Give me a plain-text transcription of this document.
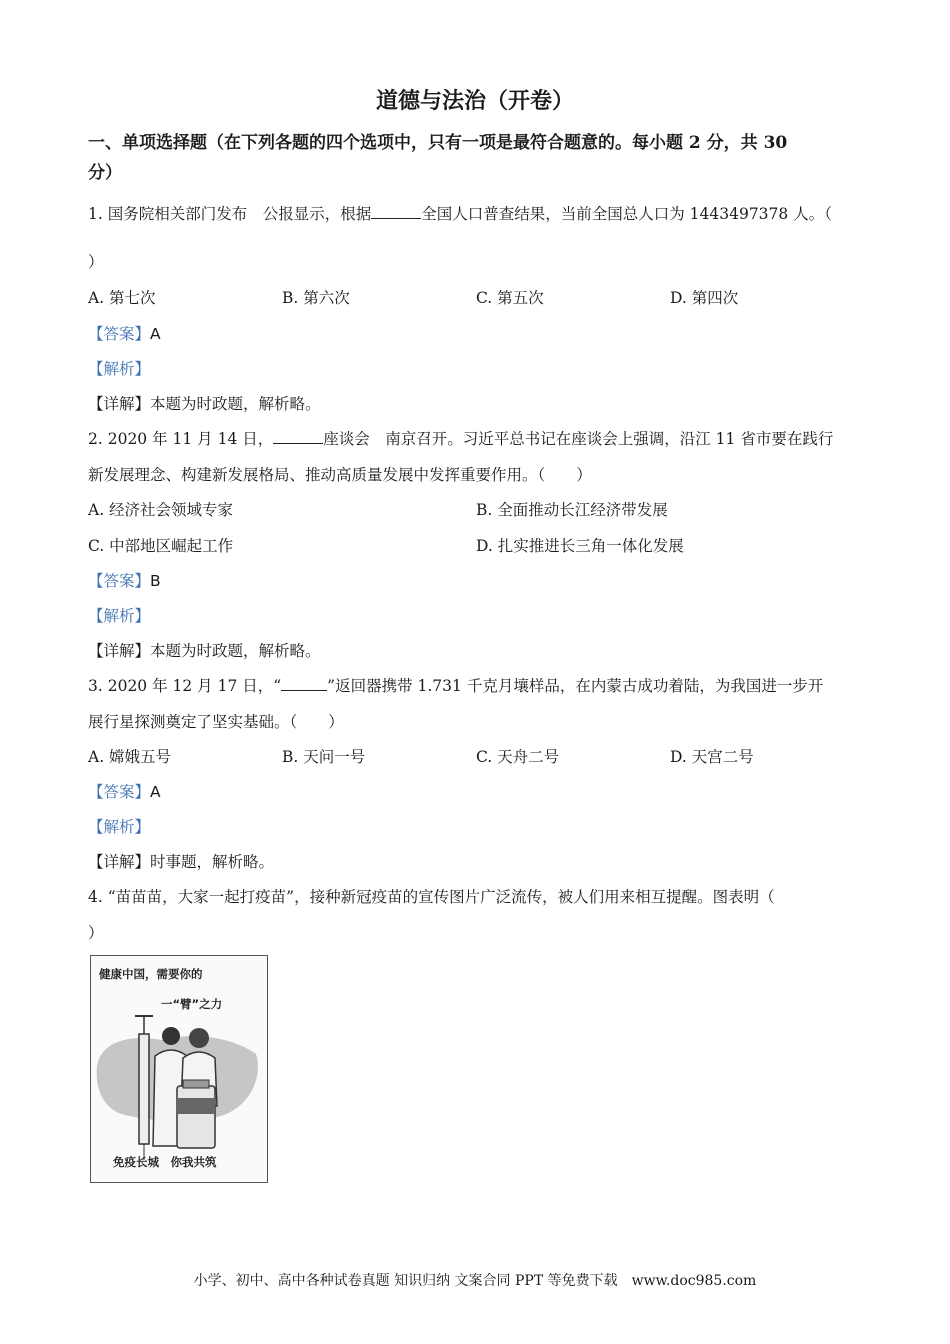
道德与法治（开卷）
一、单项选择题（在下列各题的四个选项中，只有一项是最符合题意的。每小题 2 分，共 30
分）
1. 国务院相关部门发布　公报显示，根据	全国人口普查结果，当前全国总人口为 1443497378 人。（
）
A. 第七次	B. 第六次	C. 第五次	D. 第四次
【答案】A
【解析】
【详解】本题为时政题，解析略。
2. 2020 年 11 月 14 日，	座谈会　南京召开。习近平总书记在座谈会上强调，沿江 11 省市要在践行
新发展理念、构建新发展格局、推动高质量发展中发挥重要作用。（　　）
A. 经济社会领域专家	B. 全面推动长江经济带发展
C. 中部地区崛起工作	D. 扎实推进长三角一体化发展
【答案】B
【解析】
【详解】本题为时政题，解析略。
3. 2020 年 12 月 17 日，“	”返回器携带 1.731 千克月壤样品，在内蒙古成功着陆，为我国进一步开
展行星探测奠定了坚实基础。（　　）
A. 嫦娥五号	B. 天问一号	C. 天舟二号	D. 天宫二号
【答案】A
【解析】
【详解】时事题，解析略。
4. “苗苗苗，大家一起打疫苗”，接种新冠疫苗的宣传图片广泛流传，被人们用来相互提醒。图表明（
）
健康中国，需要你的
一“臂”之力
免疫长城　你我共筑
小学、初中、高中各种试卷真题 知识归纳 文案合同 PPT 等免费下载　www.doc985.com
